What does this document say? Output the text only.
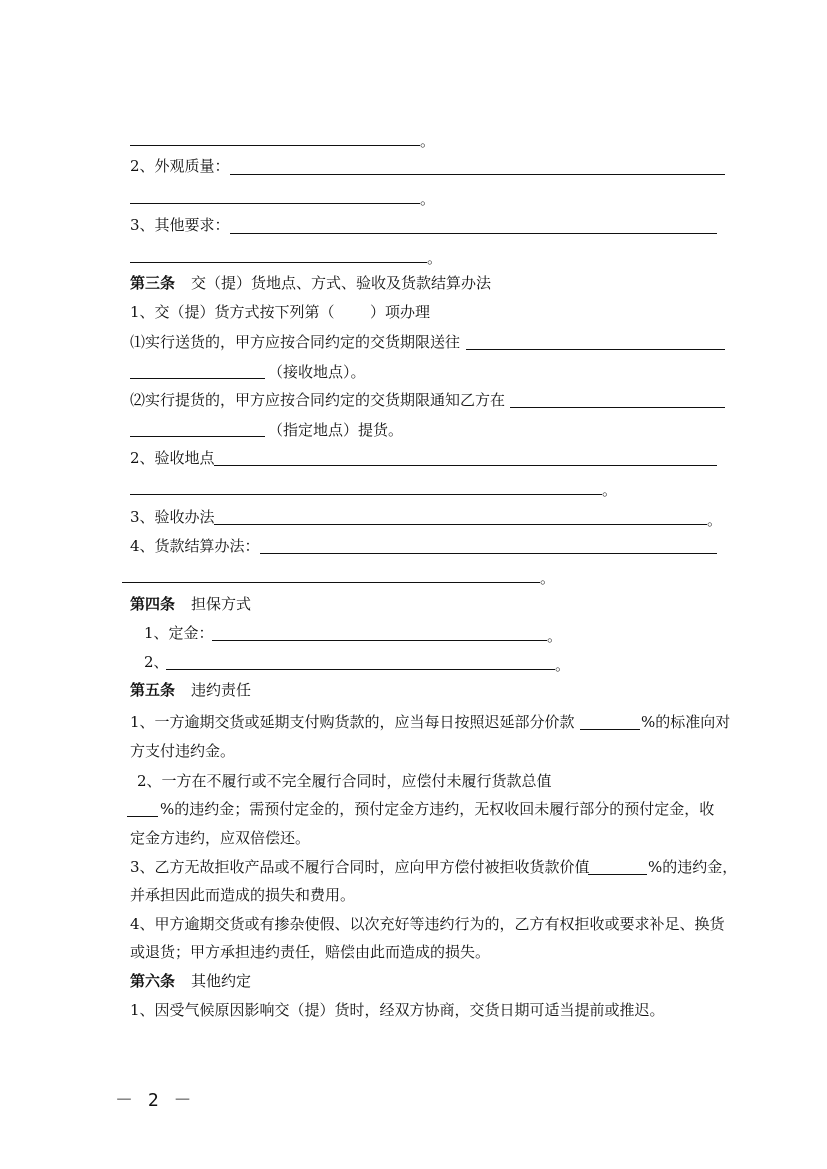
。
2、外观质量：
。
3、其他要求：
。
第三条 交（提）货地点、方式、验收及货款结算办法
1、交（提）货方式按下列第（ ）项办理
⑴实行送货的，甲方应按合同约定的交货期限送往
（接收地点）。
⑵实行提货的，甲方应按合同约定的交货期限通知乙方在
（指定地点）提货。
2、验收地点
。
3、验收办法	。
4、货款结算办法：
。
第四条 担保方式
1、定金：	。
2、	。
第五条 违约责任
1、一方逾期交货或延期支付购货款的，应当每日按照迟延部分价款	%的标准向对
方支付违约金。
2、一方在不履行或不完全履行合同时，应偿付未履行货款总值
%的违约金；需预付定金的，预付定金方违约，无权收回未履行部分的预付定金，收
定金方违约，应双倍偿还。
3、乙方无故拒收产品或不履行合同时，应向甲方偿付被拒收货款价值	%的违约金，
并承担因此而造成的损失和费用。
4、甲方逾期交货或有掺杂使假、以次充好等违约行为的，乙方有权拒收或要求补足、换货
或退货；甲方承担违约责任，赔偿由此而造成的损失。
第六条 其他约定
1、因受气候原因影响交（提）货时，经双方协商，交货日期可适当提前或推迟。
－ 2 －
